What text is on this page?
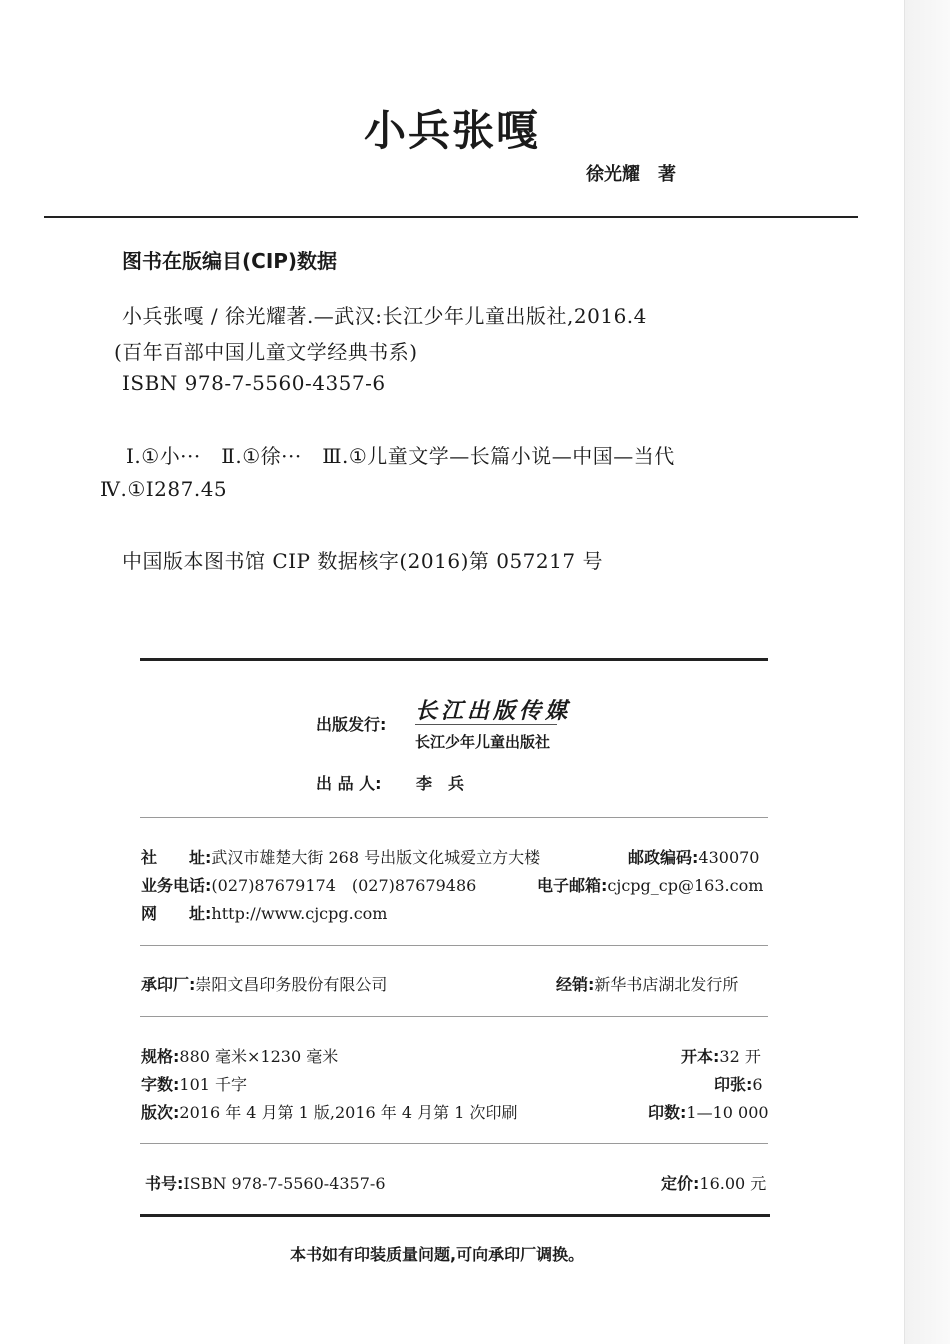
小兵张嘎
徐光耀　著
图书在版编目(CIP)数据
小兵张嘎 / 徐光耀著.—武汉:长江少年儿童出版社,2016.4
(百年百部中国儿童文学经典书系)
ISBN 978-7-5560-4357-6
Ⅰ.①小···　Ⅱ.①徐···　Ⅲ.①儿童文学—长篇小说—中国—当代
Ⅳ.①I287.45
中国版本图书馆 CIP 数据核字(2016)第 057217 号
出版发行:
长江出版传媒
长江少年儿童出版社
出 品 人: 李　兵
社　　址:武汉市雄楚大街 268 号出版文化城爱立方大楼	邮政编码:430070
业务电话:(027)87679174　(027)87679486	电子邮箱:cjcpg_cp@163.com
网　　址:http://www.cjcpg.com
承印厂:崇阳文昌印务股份有限公司	经销:新华书店湖北发行所
规格:880 毫米×1230 毫米	开本:32 开
字数:101 千字	印张:6
版次:2016 年 4 月第 1 版,2016 年 4 月第 1 次印刷	印数:1—10 000
书号:ISBN 978-7-5560-4357-6	定价:16.00 元
本书如有印装质量问题,可向承印厂调换。
